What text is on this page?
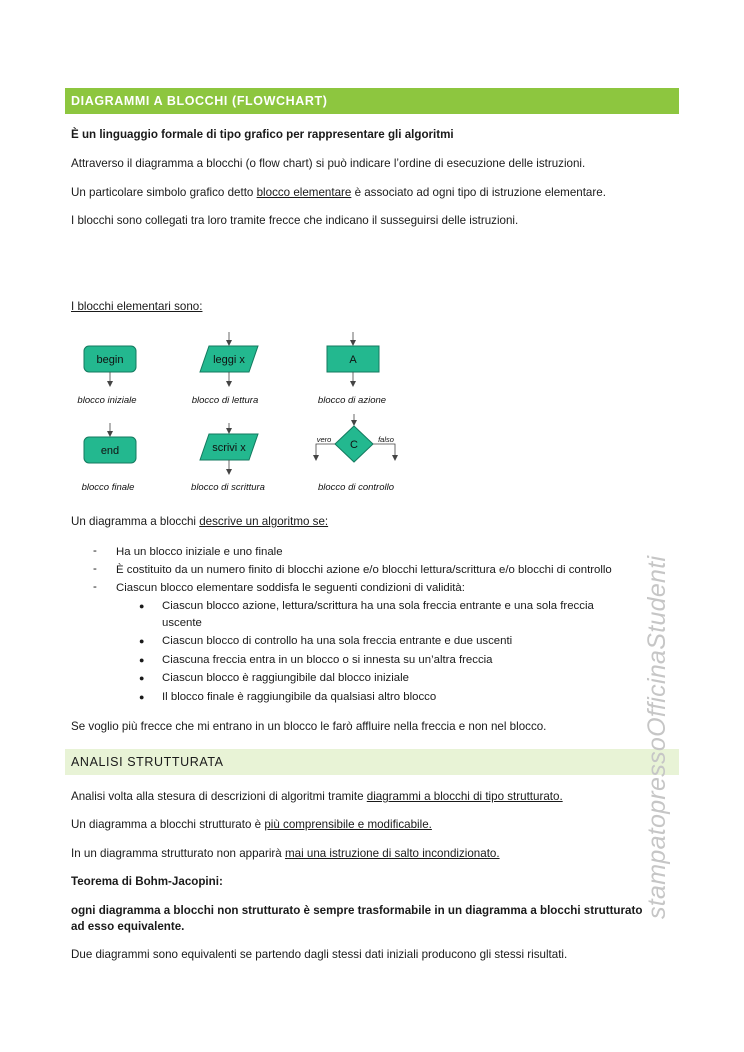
DIAGRAMMI A BLOCCHI (FLOWCHART)

È un linguaggio formale di tipo grafico per rappresentare gli algoritmi

Attraverso il diagramma a blocchi (o flow chart) si può indicare l’ordine di esecuzione delle istruzioni.

Un particolare simbolo grafico detto blocco elementare è associato ad ogni tipo di istruzione elementare.

I blocchi sono collegati tra loro tramite frecce che indicano il susseguirsi delle istruzioni.

I blocchi elementari sono:

begin
blocco iniziale
leggi x
blocco di lettura
A
blocco di azione
end
blocco finale
scrivi x
blocco di scrittura
C
vero	falso
blocco di controllo

Un diagramma a blocchi descrive un algoritmo se:

- Ha un blocco iniziale e uno finale
- È costituito da un numero finito di blocchi azione e/o blocchi lettura/scrittura e/o blocchi di controllo
- Ciascun blocco elementare soddisfa le seguenti condizioni di validità:
● Ciascun blocco azione, lettura/scrittura ha una sola freccia entrante e una sola freccia uscente
● Ciascun blocco di controllo ha una sola freccia entrante e due uscenti
● Ciascuna freccia entra in un blocco o si innesta su un’altra freccia
● Ciascun blocco è raggiungibile dal blocco iniziale
● Il blocco finale è raggiungibile da qualsiasi altro blocco

Se voglio più frecce che mi entrano in un blocco le farò affluire nella freccia e non nel blocco.

ANALISI STRUTTURATA

Analisi volta alla stesura di descrizioni di algoritmi tramite diagrammi a blocchi di tipo strutturato.

Un diagramma a blocchi strutturato è più comprensibile e modificabile.

In un diagramma strutturato non apparirà mai una istruzione di salto incondizionato.

Teorema di Bohm-Jacopini:

ogni diagramma a blocchi non strutturato è sempre trasformabile in un diagramma a blocchi strutturato ad esso equivalente.

Due diagrammi sono equivalenti se partendo dagli stessi dati iniziali producono gli stessi risultati.

stampatopressoOfficinaStudenti
